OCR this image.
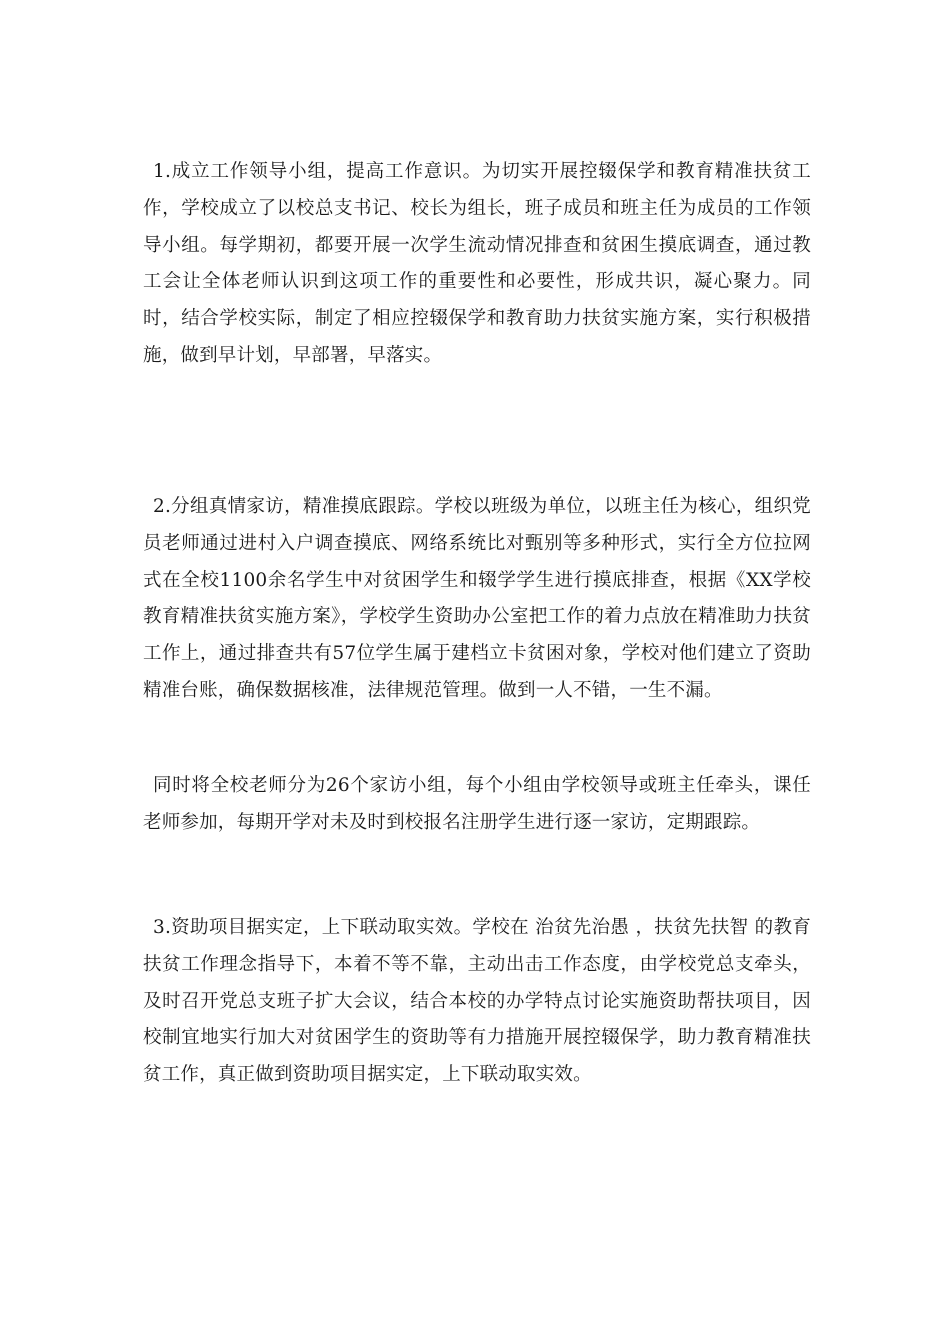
1.成立工作领导小组，提高工作意识。为切实开展控辍保学和教育精准扶贫工作，学校成立了以校总支书记、校长为组长，班子成员和班主任为成员的工作领导小组。每学期初，都要开展一次学生流动情况排查和贫困生摸底调查，通过教工会让全体老师认识到这项工作的重要性和必要性，形成共识，凝心聚力。同时，结合学校实际，制定了相应控辍保学和教育助力扶贫实施方案，实行积极措施，做到早计划，早部署，早落实。

2.分组真情家访，精准摸底跟踪。学校以班级为单位，以班主任为核心，组织党员老师通过进村入户调查摸底、网络系统比对甄别等多种形式，实行全方位拉网式在全校1100余名学生中对贫困学生和辍学学生进行摸底排查，根据《XX学校教育精准扶贫实施方案》，学校学生资助办公室把工作的着力点放在精准助力扶贫工作上，通过排查共有57位学生属于建档立卡贫困对象，学校对他们建立了资助精准台账，确保数据核准，法律规范管理。做到一人不错，一生不漏。

同时将全校老师分为26个家访小组，每个小组由学校领导或班主任牵头，课任老师参加，每期开学对未及时到校报名注册学生进行逐一家访，定期跟踪。

3.资助项目据实定，上下联动取实效。学校在 治贫先治愚 ，扶贫先扶智 的教育扶贫工作理念指导下，本着不等不靠，主动出击工作态度，由学校党总支牵头，及时召开党总支班子扩大会议，结合本校的办学特点讨论实施资助帮扶项目，因校制宜地实行加大对贫困学生的资助等有力措施开展控辍保学，助力教育精准扶贫工作，真正做到资助项目据实定，上下联动取实效。
